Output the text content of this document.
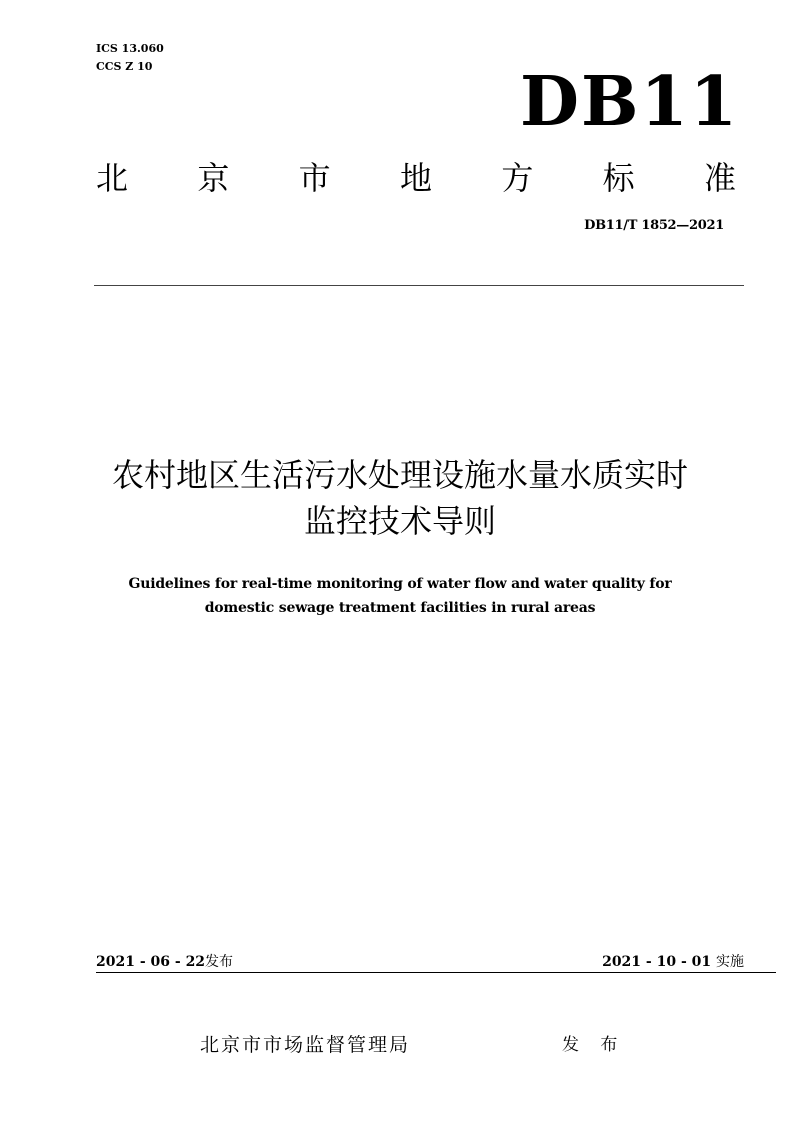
ICS 13.060
CCS Z 10	DB11
北 京 市 地 方 标 准
DB11/T 1852—2021
农村地区生活污水处理设施水量水质实时
监控技术导则
Guidelines for real-time monitoring of water flow and water quality for
domestic sewage treatment facilities in rural areas
2021 - 06 - 22发布	2021 - 10 - 01 实施
北京市市场监督管理局	发 布
